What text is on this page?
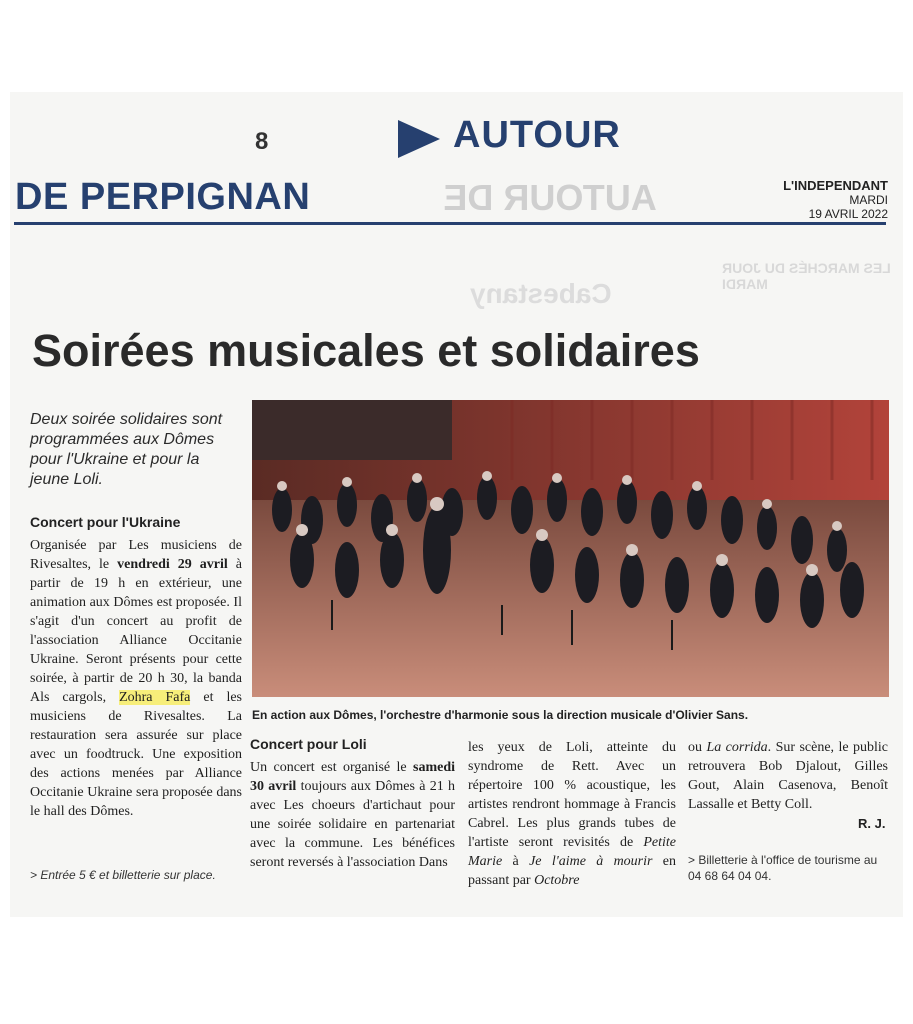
Cabestany
LES MARCHÉS DU JOUR MARDI
8	AUTOUR
DE PERPIGNAN	AUTOUR DE	L'INDEPENDANT
MARDI
19 AVRIL 2022
Soirées musicales et solidaires
Deux soirée solidaires sont programmées aux Dômes pour l'Ukraine et pour la jeune Loli.
Concert pour l'Ukraine
Organisée par Les musiciens de Rivesaltes, le vendredi 29 avril à partir de 19 h en extérieur, une animation aux Dômes est proposée. Il s'agit d'un concert au profit de l'association Alliance Occitanie Ukraine. Seront présents pour cette soirée, à partir de 20 h 30, la banda Als cargols, Zohra Fafa et les musiciens de Rivesaltes. La restauration sera assurée sur place avec un foodtruck. Une exposition des actions menées par Alliance Occitanie Ukraine sera proposée dans le hall des Dômes.
> Entrée 5 € et billetterie sur place.
En action aux Dômes, l'orchestre d'harmonie sous la direction musicale d'Olivier Sans.
Concert pour Loli
Un concert est organisé le samedi 30 avril toujours aux Dômes à 21 h avec Les choeurs d'artichaut pour une soirée solidaire en partenariat avec la commune. Les bénéfices seront reversés à l'association Dans
les yeux de Loli, atteinte du syndrome de Rett. Avec un répertoire 100 % acoustique, les artistes rendront hommage à Francis Cabrel. Les plus grands tubes de l'artiste seront revisités de Petite Marie à Je l'aime à mourir en passant par Octobre
ou La corrida. Sur scène, le public retrouvera Bob Djalout, Gilles Gout, Alain Casenova, Benoît Lassalle et Betty Coll.
R. J.
> Billetterie à l'office de tourisme au 04 68 64 04 04.
